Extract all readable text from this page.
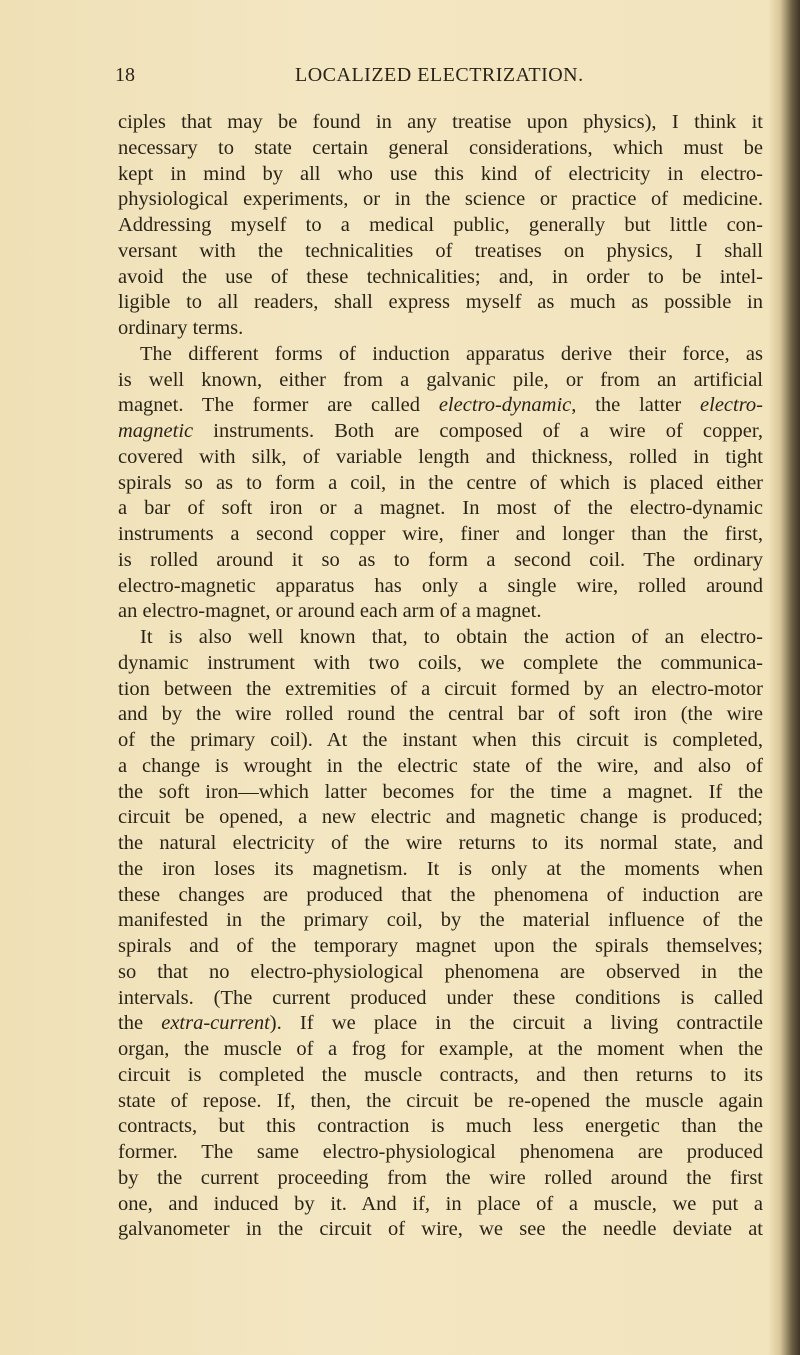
18	LOCALIZED ELECTRIZATION.
ciples that may be found in any treatise upon physics), I think it
necessary to state certain general considerations, which must be
kept in mind by all who use this kind of electricity in electro-
physiological experiments, or in the science or practice of medicine.
Addressing myself to a medical public, generally but little con-
versant with the technicalities of treatises on physics, I shall
avoid the use of these technicalities; and, in order to be intel-
ligible to all readers, shall express myself as much as possible in
ordinary terms.
The different forms of induction apparatus derive their force, as
is well known, either from a galvanic pile, or from an artificial
magnet. The former are called electro-dynamic, the latter electro-
magnetic instruments. Both are composed of a wire of copper,
covered with silk, of variable length and thickness, rolled in tight
spirals so as to form a coil, in the centre of which is placed either
a bar of soft iron or a magnet. In most of the electro-dynamic
instruments a second copper wire, finer and longer than the first,
is rolled around it so as to form a second coil. The ordinary
electro-magnetic apparatus has only a single wire, rolled around
an electro-magnet, or around each arm of a magnet.
It is also well known that, to obtain the action of an electro-
dynamic instrument with two coils, we complete the communica-
tion between the extremities of a circuit formed by an electro-motor
and by the wire rolled round the central bar of soft iron (the wire
of the primary coil). At the instant when this circuit is completed,
a change is wrought in the electric state of the wire, and also of
the soft iron—which latter becomes for the time a magnet. If the
circuit be opened, a new electric and magnetic change is produced;
the natural electricity of the wire returns to its normal state, and
the iron loses its magnetism. It is only at the moments when
these changes are produced that the phenomena of induction are
manifested in the primary coil, by the material influence of the
spirals and of the temporary magnet upon the spirals themselves;
so that no electro-physiological phenomena are observed in the
intervals. (The current produced under these conditions is called
the extra-current). If we place in the circuit a living contractile
organ, the muscle of a frog for example, at the moment when the
circuit is completed the muscle contracts, and then returns to its
state of repose. If, then, the circuit be re-opened the muscle again
contracts, but this contraction is much less energetic than the
former. The same electro-physiological phenomena are produced
by the current proceeding from the wire rolled around the first
one, and induced by it. And if, in place of a muscle, we put a
galvanometer in the circuit of wire, we see the needle deviate at
